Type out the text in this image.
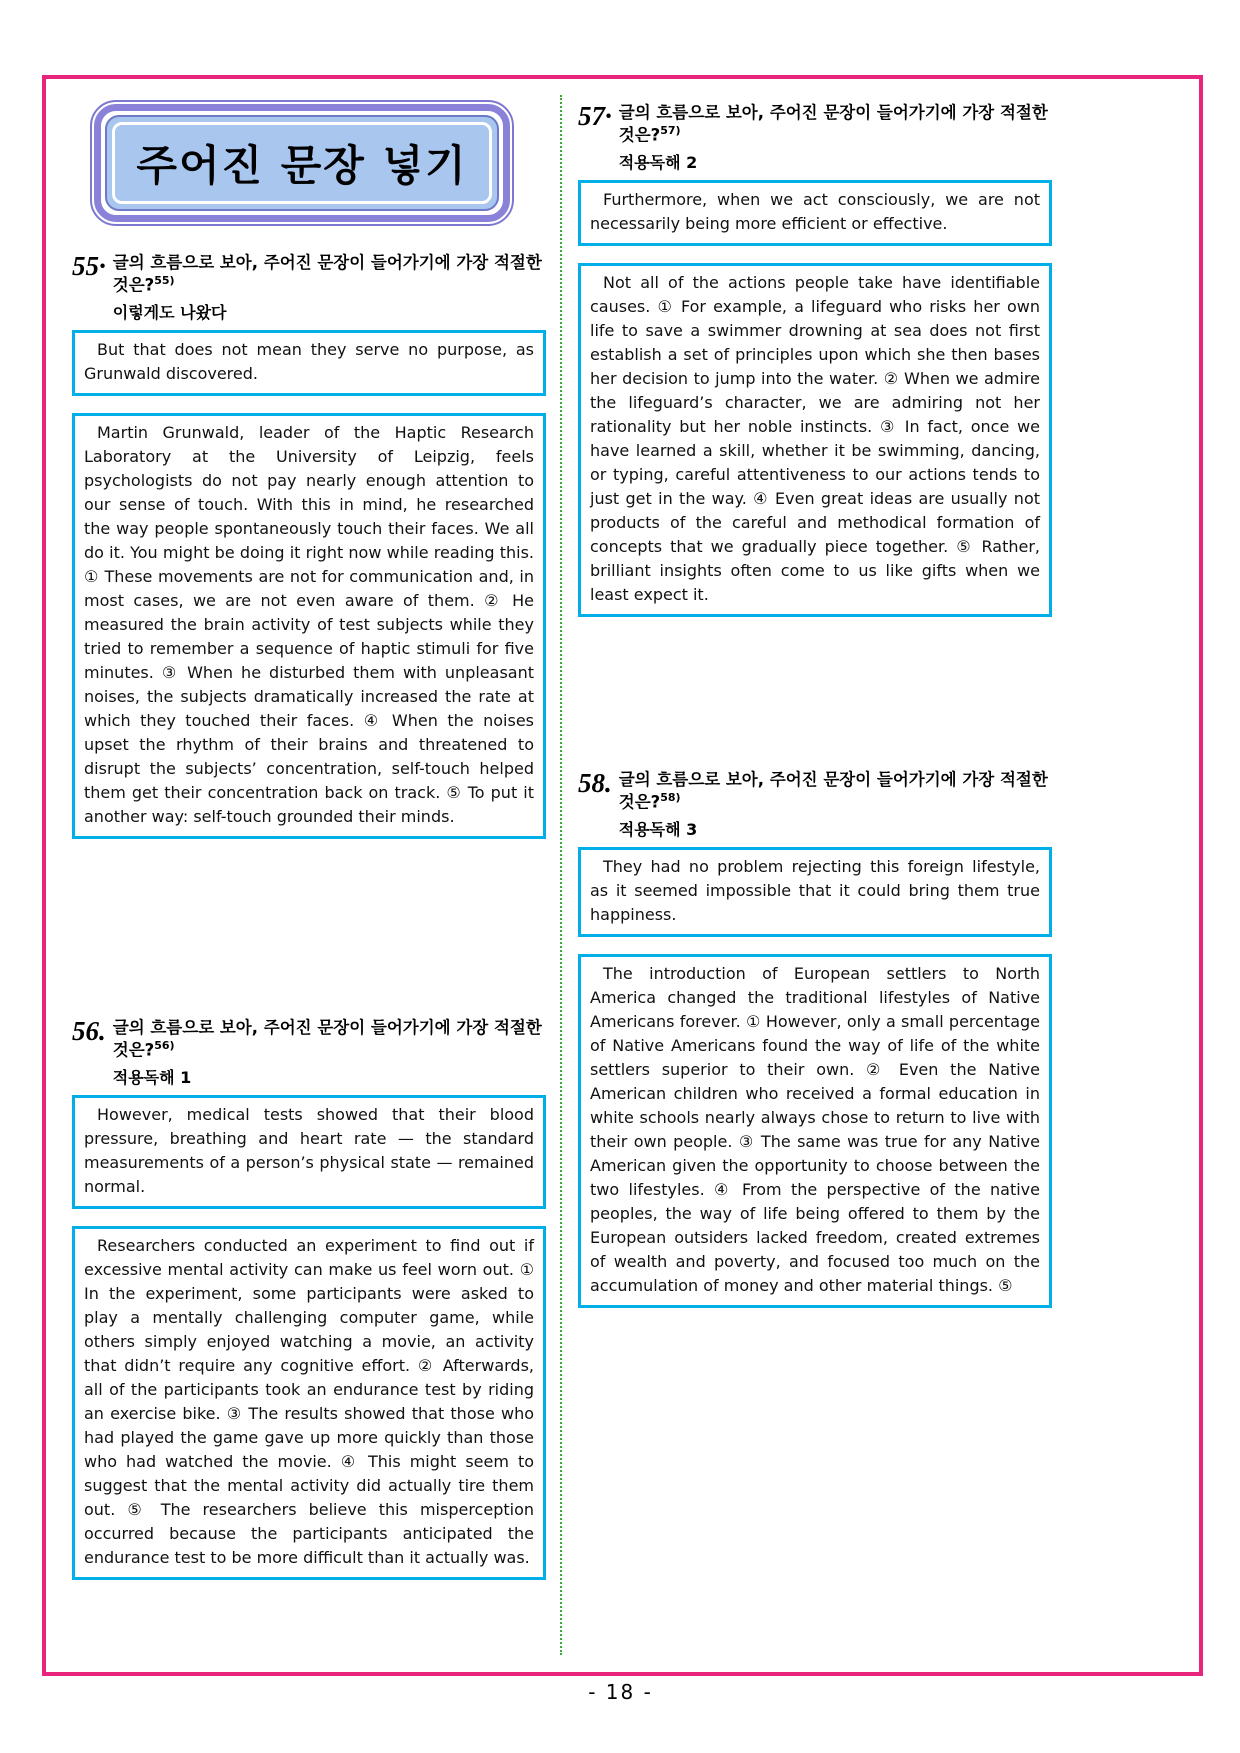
주어진 문장 넣기
55· 글의 흐름으로 보아, 주어진 문장이 들어가기에 가장 적절한 것은?$^{55)}$
이렇게도 나왔다

But that does not mean they serve no purpose, as Grunwald discovered.

Martin Grunwald, leader of the Haptic Research Laboratory at the University of Leipzig, feels psychologists do not pay nearly enough attention to our sense of touch. With this in mind, he researched the way people spontaneously touch their faces. We all do it. You might be doing it right now while reading this. ① These movements are not for communication and, in most cases, we are not even aware of them. ② He measured the brain activity of test subjects while they tried to remember a sequence of haptic stimuli for five minutes. ③ When he disturbed them with unpleasant noises, the subjects dramatically increased the rate at which they touched their faces. ④ When the noises upset the rhythm of their brains and threatened to disrupt the subjects’ concentration, self-touch helped them get their concentration back on track. ⑤ To put it another way: self-touch grounded their minds.

56. 글의 흐름으로 보아, 주어진 문장이 들어가기에 가장 적절한 것은?$^{56)}$
적용독해 1

However, medical tests showed that their blood pressure, breathing and heart rate — the standard measurements of a person’s physical state — remained normal.

Researchers conducted an experiment to find out if excessive mental activity can make us feel worn out. ① In the experiment, some participants were asked to play a mentally challenging computer game, while others simply enjoyed watching a movie, an activity that didn’t require any cognitive effort. ② Afterwards, all of the participants took an endurance test by riding an exercise bike. ③ The results showed that those who had played the game gave up more quickly than those who had watched the movie. ④ This might seem to suggest that the mental activity did actually tire them out. ⑤ The researchers believe this misperception occurred because the participants anticipated the endurance test to be more difficult than it actually was.

57· 글의 흐름으로 보아, 주어진 문장이 들어가기에 가장 적절한 것은?$^{57)}$
적용독해 2

Furthermore, when we act consciously, we are not necessarily being more efficient or effective.

Not all of the actions people take have identifiable causes. ① For example, a lifeguard who risks her own life to save a swimmer drowning at sea does not first establish a set of principles upon which she then bases her decision to jump into the water. ② When we admire the lifeguard’s character, we are admiring not her rationality but her noble instincts. ③ In fact, once we have learned a skill, whether it be swimming, dancing, or typing, careful attentiveness to our actions tends to just get in the way. ④ Even great ideas are usually not products of the careful and methodical formation of concepts that we gradually piece together. ⑤ Rather, brilliant insights often come to us like gifts when we least expect it.

58. 글의 흐름으로 보아, 주어진 문장이 들어가기에 가장 적절한 것은?$^{58)}$
적용독해 3

They had no problem rejecting this foreign lifestyle, as it seemed impossible that it could bring them true happiness.

The introduction of European settlers to North America changed the traditional lifestyles of Native Americans forever. ① However, only a small percentage of Native Americans found the way of life of the white settlers superior to their own. ② Even the Native American children who received a formal education in white schools nearly always chose to return to live with their own people. ③ The same was true for any Native American given the opportunity to choose between the two lifestyles. ④ From the perspective of the native peoples, the way of life being offered to them by the European outsiders lacked freedom, created extremes of wealth and poverty, and focused too much on the accumulation of money and other material things. ⑤

- 18 -
